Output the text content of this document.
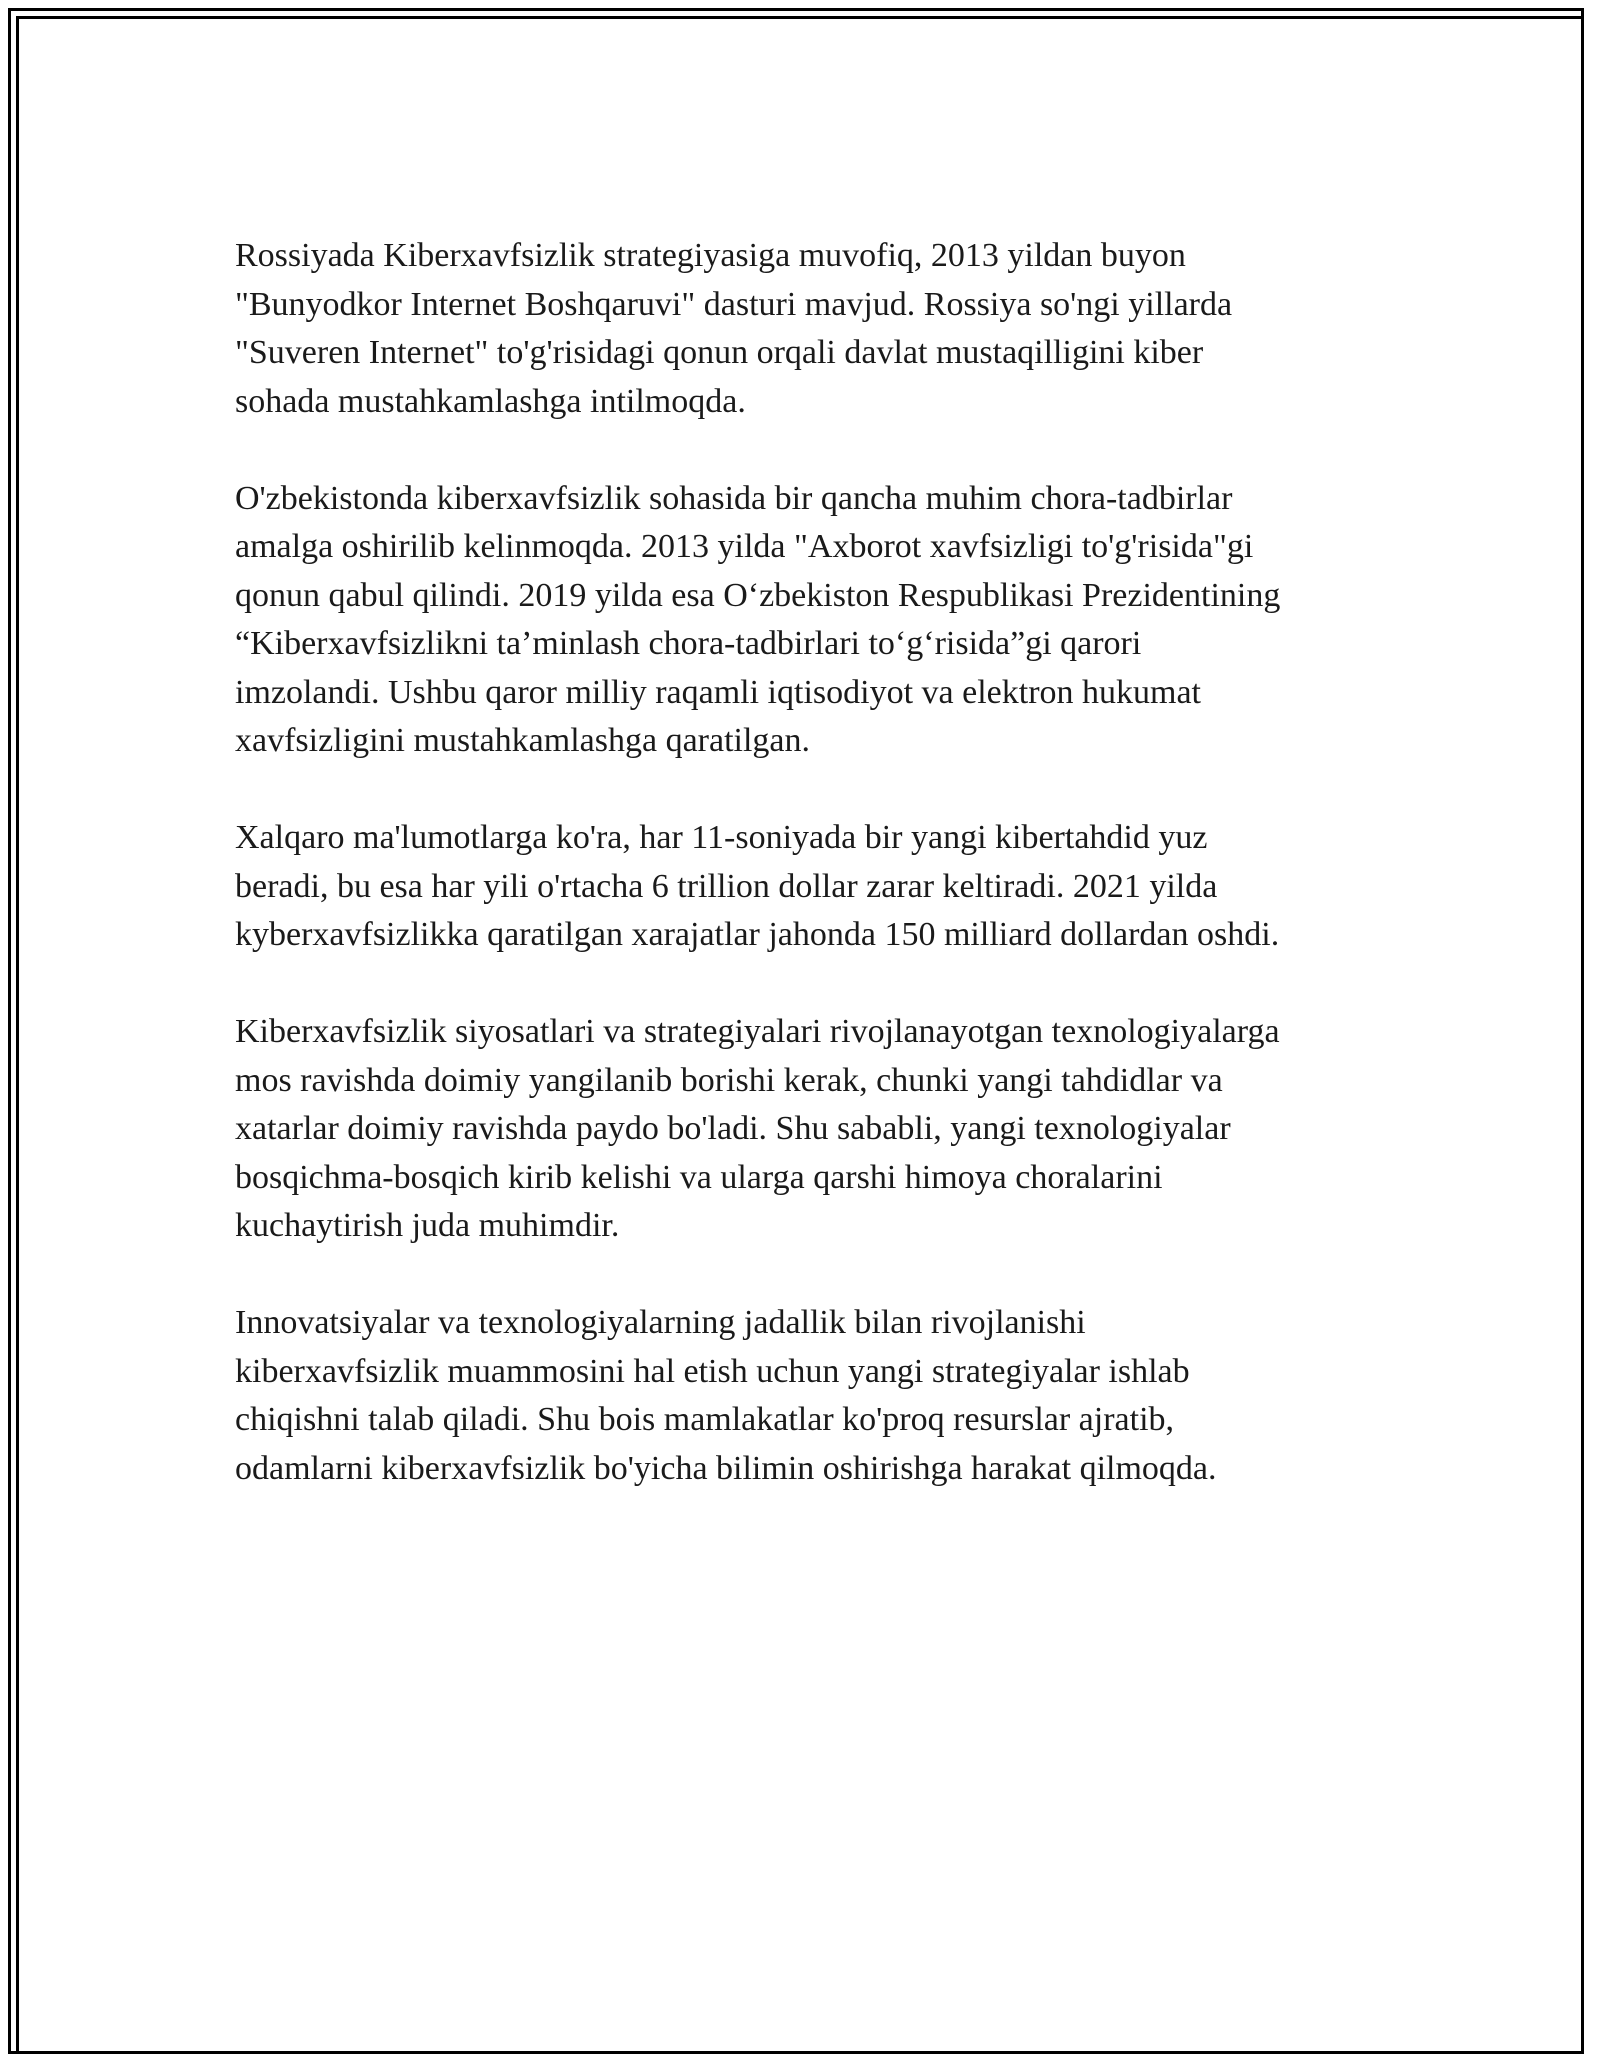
Rossiyada Kiberxavfsizlik strategiyasiga muvofiq, 2013 yildan buyon
"Bunyodkor Internet Boshqaruvi" dasturi mavjud. Rossiya so'ngi yillarda
"Suveren Internet" to'g'risidagi qonun orqali davlat mustaqilligini kiber
sohada mustahkamlashga intilmoqda.

O'zbekistonda kiberxavfsizlik sohasida bir qancha muhim chora-tadbirlar
amalga oshirilib kelinmoqda. 2013 yilda "Axborot xavfsizligi to'g'risida"gi
qonun qabul qilindi. 2019 yilda esa Oʻzbekiston Respublikasi Prezidentining
“Kiberxavfsizlikni ta’minlash chora-tadbirlari toʻgʻrisida”gi qarori
imzolandi. Ushbu qaror milliy raqamli iqtisodiyot va elektron hukumat
xavfsizligini mustahkamlashga qaratilgan.

Xalqaro ma'lumotlarga ko'ra, har 11-soniyada bir yangi kibertahdid yuz
beradi, bu esa har yili o'rtacha 6 trillion dollar zarar keltiradi. 2021 yilda
kyberxavfsizlikka qaratilgan xarajatlar jahonda 150 milliard dollardan oshdi.

Kiberxavfsizlik siyosatlari va strategiyalari rivojlanayotgan texnologiyalarga
mos ravishda doimiy yangilanib borishi kerak, chunki yangi tahdidlar va
xatarlar doimiy ravishda paydo bo'ladi. Shu sababli, yangi texnologiyalar
bosqichma-bosqich kirib kelishi va ularga qarshi himoya choralarini
kuchaytirish juda muhimdir.

Innovatsiyalar va texnologiyalarning jadallik bilan rivojlanishi
kiberxavfsizlik muammosini hal etish uchun yangi strategiyalar ishlab
chiqishni talab qiladi. Shu bois mamlakatlar ko'proq resurslar ajratib,
odamlarni kiberxavfsizlik bo'yicha bilimin oshirishga harakat qilmoqda.
